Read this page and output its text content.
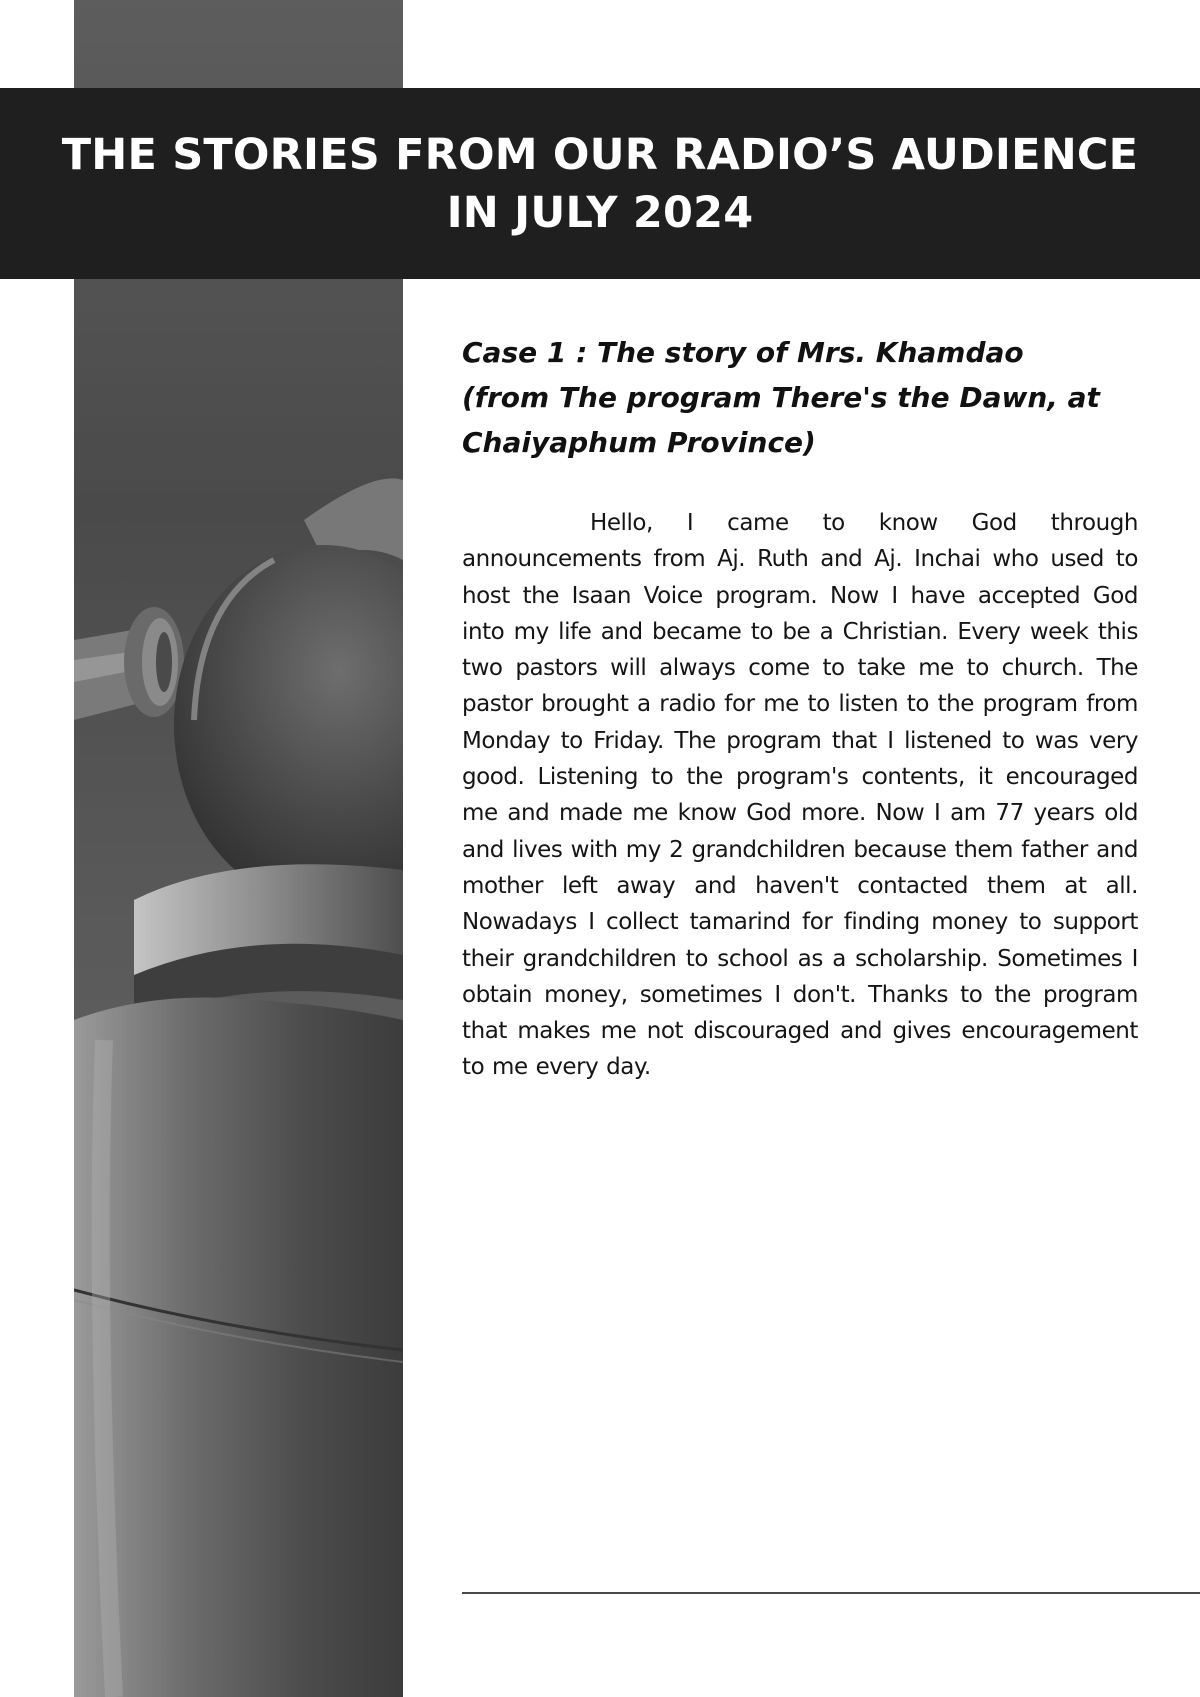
THE STORIES FROM OUR RADIO’S AUDIENCE
IN JULY 2024
Case 1 : The story of Mrs. Khamdao
(from The program There's the Dawn, at
Chaiyaphum Province)

Hello, I came to know God through announcements from Aj. Ruth and Aj. Inchai who used to host the Isaan Voice program. Now I have accepted God into my life and became to be a Christian. Every week this two pastors will always come to take me to church. The pastor brought a radio for me to listen to the program from Monday to Friday. The program that I listened to was very good. Listening to the program's contents, it encouraged me and made me know God more. Now I am 77 years old and lives with my 2 grandchildren because them father and mother left away and haven't contacted them at all. Nowadays I collect tamarind for finding money to support their grandchildren to school as a scholarship. Sometimes I obtain money, sometimes I don't. Thanks to the program that makes me not discouraged and gives encouragement to me every day.
